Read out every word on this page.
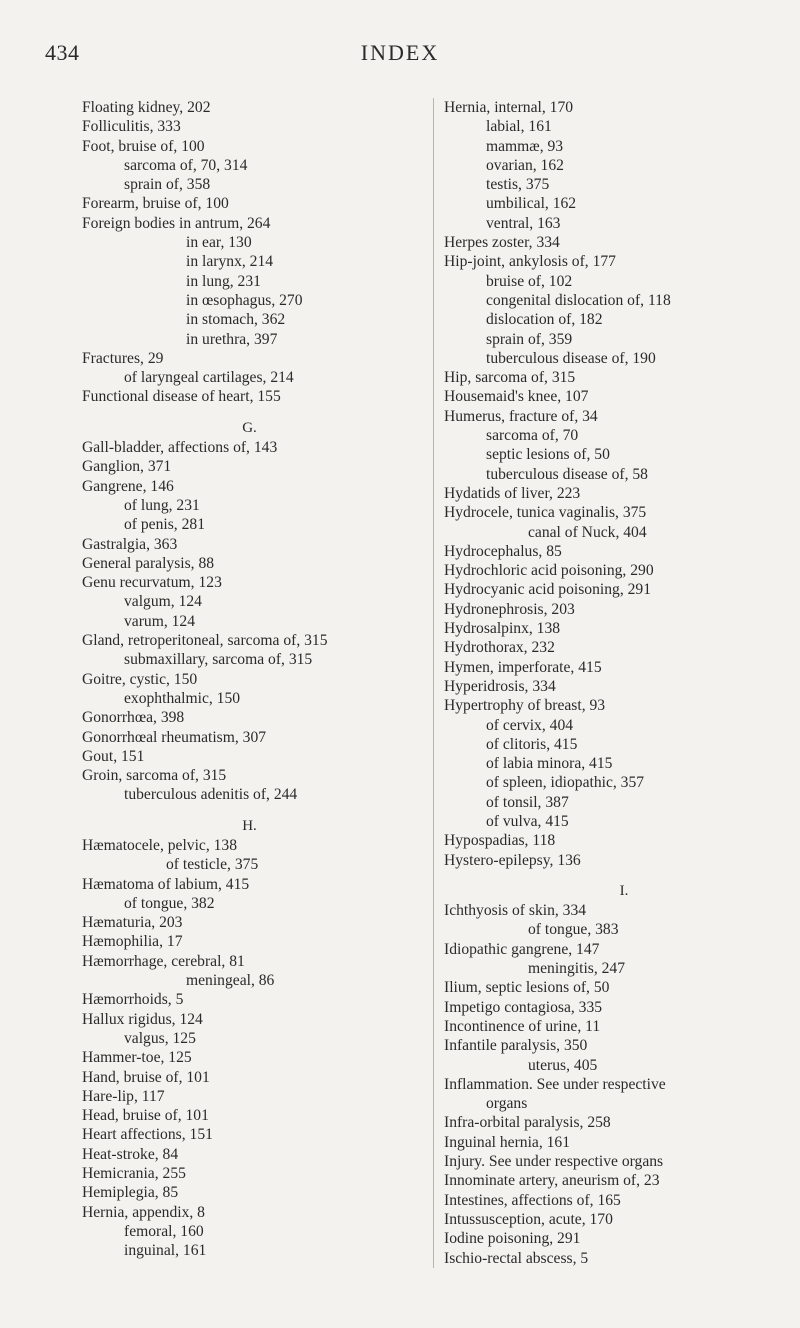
434	INDEX
Floating kidney, 202
Folliculitis, 333
Foot, bruise of, 100
sarcoma of, 70, 314
sprain of, 358
Forearm, bruise of, 100
Foreign bodies in antrum, 264
in ear, 130
in larynx, 214
in lung, 231
in œsophagus, 270
in stomach, 362
in urethra, 397
Fractures, 29
of laryngeal cartilages, 214
Functional disease of heart, 155
G.
Gall-bladder, affections of, 143
Ganglion, 371
Gangrene, 146
of lung, 231
of penis, 281
Gastralgia, 363
General paralysis, 88
Genu recurvatum, 123
valgum, 124
varum, 124
Gland, retroperitoneal, sarcoma of, 315
submaxillary, sarcoma of, 315
Goitre, cystic, 150
exophthalmic, 150
Gonorrhœa, 398
Gonorrhœal rheumatism, 307
Gout, 151
Groin, sarcoma of, 315
tuberculous adenitis of, 244
H.
Hæmatocele, pelvic, 138
of testicle, 375
Hæmatoma of labium, 415
of tongue, 382
Hæmaturia, 203
Hæmophilia, 17
Hæmorrhage, cerebral, 81
meningeal, 86
Hæmorrhoids, 5
Hallux rigidus, 124
valgus, 125
Hammer-toe, 125
Hand, bruise of, 101
Hare-lip, 117
Head, bruise of, 101
Heart affections, 151
Heat-stroke, 84
Hemicrania, 255
Hemiplegia, 85
Hernia, appendix, 8
femoral, 160
inguinal, 161
Hernia, internal, 170
labial, 161
mammæ, 93
ovarian, 162
testis, 375
umbilical, 162
ventral, 163
Herpes zoster, 334
Hip-joint, ankylosis of, 177
bruise of, 102
congenital dislocation of, 118
dislocation of, 182
sprain of, 359
tuberculous disease of, 190
Hip, sarcoma of, 315
Housemaid's knee, 107
Humerus, fracture of, 34
sarcoma of, 70
septic lesions of, 50
tuberculous disease of, 58
Hydatids of liver, 223
Hydrocele, tunica vaginalis, 375
canal of Nuck, 404
Hydrocephalus, 85
Hydrochloric acid poisoning, 290
Hydrocyanic acid poisoning, 291
Hydronephrosis, 203
Hydrosalpinx, 138
Hydrothorax, 232
Hymen, imperforate, 415
Hyperidrosis, 334
Hypertrophy of breast, 93
of cervix, 404
of clitoris, 415
of labia minora, 415
of spleen, idiopathic, 357
of tonsil, 387
of vulva, 415
Hypospadias, 118
Hystero-epilepsy, 136
I.
Ichthyosis of skin, 334
of tongue, 383
Idiopathic gangrene, 147
meningitis, 247
Ilium, septic lesions of, 50
Impetigo contagiosa, 335
Incontinence of urine, 11
Infantile paralysis, 350
uterus, 405
Inflammation. See under respective
organs
Infra-orbital paralysis, 258
Inguinal hernia, 161
Injury. See under respective organs
Innominate artery, aneurism of, 23
Intestines, affections of, 165
Intussusception, acute, 170
Iodine poisoning, 291
Ischio-rectal abscess, 5
